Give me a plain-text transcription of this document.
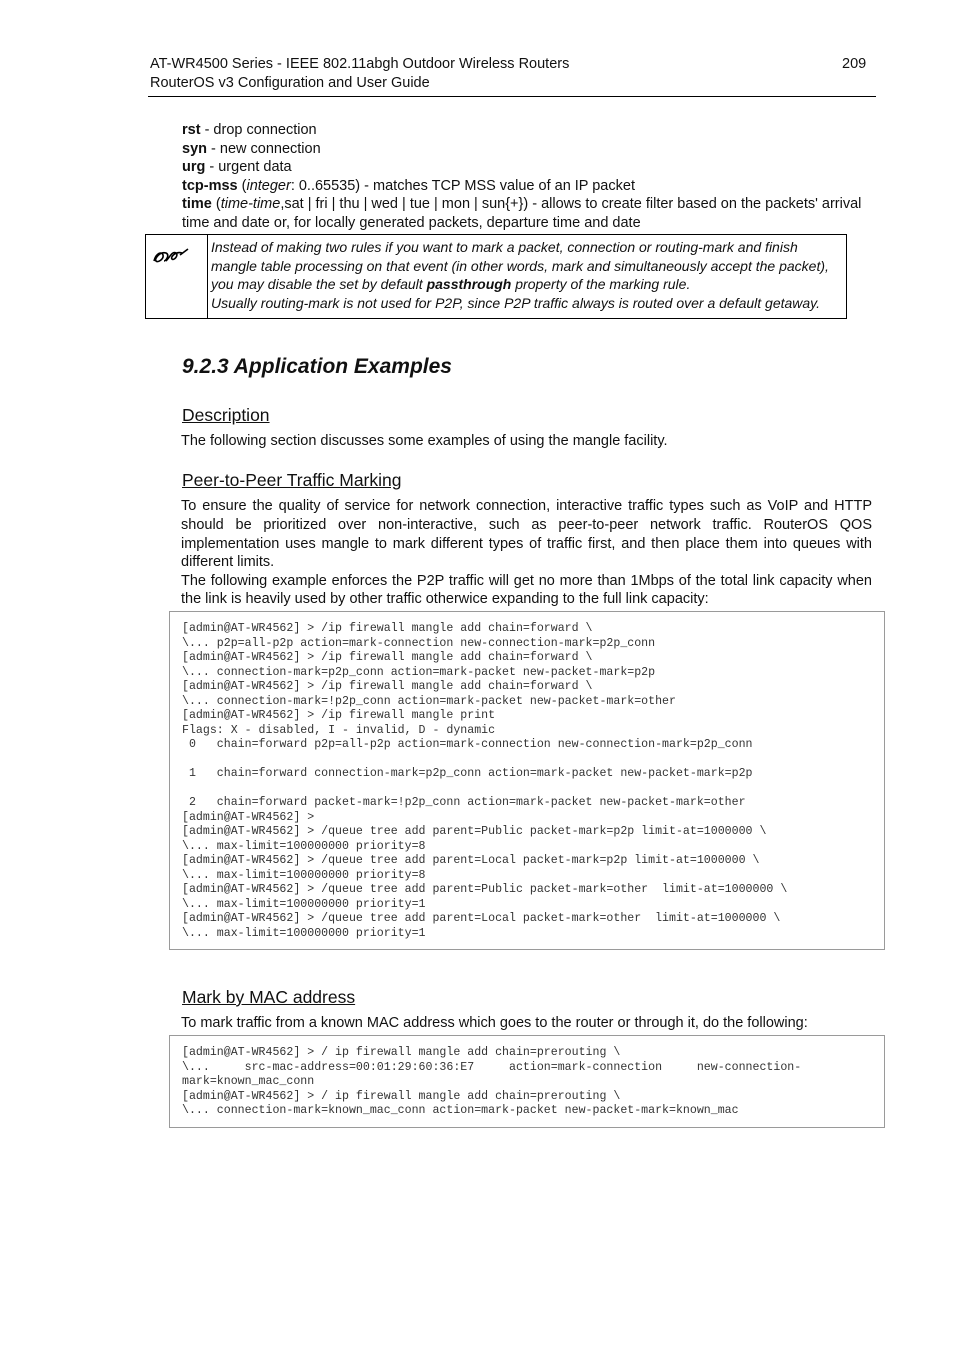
AT-WR4500 Series - IEEE 802.11abgh Outdoor Wireless Routers
RouterOS v3 Configuration and User Guide
209
rst - drop connection
syn - new connection
urg - urgent data
tcp-mss (integer: 0..65535) - matches TCP MSS value of an IP packet
time (time-time,sat | fri | thu | wed | tue | mon | sun{+}) - allows to create filter based on the packets' arrival time and date or, for locally generated packets, departure time and date
Instead of making two rules if you want to mark a packet, connection or routing-mark and finish mangle table processing on that event (in other words, mark and simultaneously accept the packet), you may disable the set by default passthrough property of the marking rule.
Usually routing-mark is not used for P2P, since P2P traffic always is routed over a default getaway.
9.2.3 Application Examples
Description
The following section discusses some examples of using the mangle facility.
Peer-to-Peer Traffic Marking
To ensure the quality of service for network connection, interactive traffic types such as VoIP and HTTP should be prioritized over non-interactive, such as peer-to-peer network traffic. RouterOS QOS implementation uses mangle to mark different types of traffic first, and then place them into queues with different limits.
The following example enforces the P2P traffic will get no more than 1Mbps of the total link capacity when the link is heavily used by other traffic otherwice expanding to the full link capacity:
[admin@AT-WR4562] > /ip firewall mangle add chain=forward \
\... p2p=all-p2p action=mark-connection new-connection-mark=p2p_conn
[admin@AT-WR4562] > /ip firewall mangle add chain=forward \
\... connection-mark=p2p_conn action=mark-packet new-packet-mark=p2p
[admin@AT-WR4562] > /ip firewall mangle add chain=forward \
\... connection-mark=!p2p_conn action=mark-packet new-packet-mark=other
[admin@AT-WR4562] > /ip firewall mangle print
Flags: X - disabled, I - invalid, D - dynamic
0   chain=forward p2p=all-p2p action=mark-connection new-connection-mark=p2p_conn

1   chain=forward connection-mark=p2p_conn action=mark-packet new-packet-mark=p2p

2   chain=forward packet-mark=!p2p_conn action=mark-packet new-packet-mark=other
[admin@AT-WR4562] >
[admin@AT-WR4562] > /queue tree add parent=Public packet-mark=p2p limit-at=1000000 \
\... max-limit=100000000 priority=8
[admin@AT-WR4562] > /queue tree add parent=Local packet-mark=p2p limit-at=1000000 \
\... max-limit=100000000 priority=8
[admin@AT-WR4562] > /queue tree add parent=Public packet-mark=other  limit-at=1000000 \
\... max-limit=100000000 priority=1
[admin@AT-WR4562] > /queue tree add parent=Local packet-mark=other  limit-at=1000000 \
\... max-limit=100000000 priority=1
Mark by MAC address
To mark traffic from a known MAC address which goes to the router or through it, do the following:
[admin@AT-WR4562] > / ip firewall mangle add chain=prerouting \
\...     src-mac-address=00:01:29:60:36:E7     action=mark-connection     new-connection-
mark=known_mac_conn
[admin@AT-WR4562] > / ip firewall mangle add chain=prerouting \
\... connection-mark=known_mac_conn action=mark-packet new-packet-mark=known_mac
